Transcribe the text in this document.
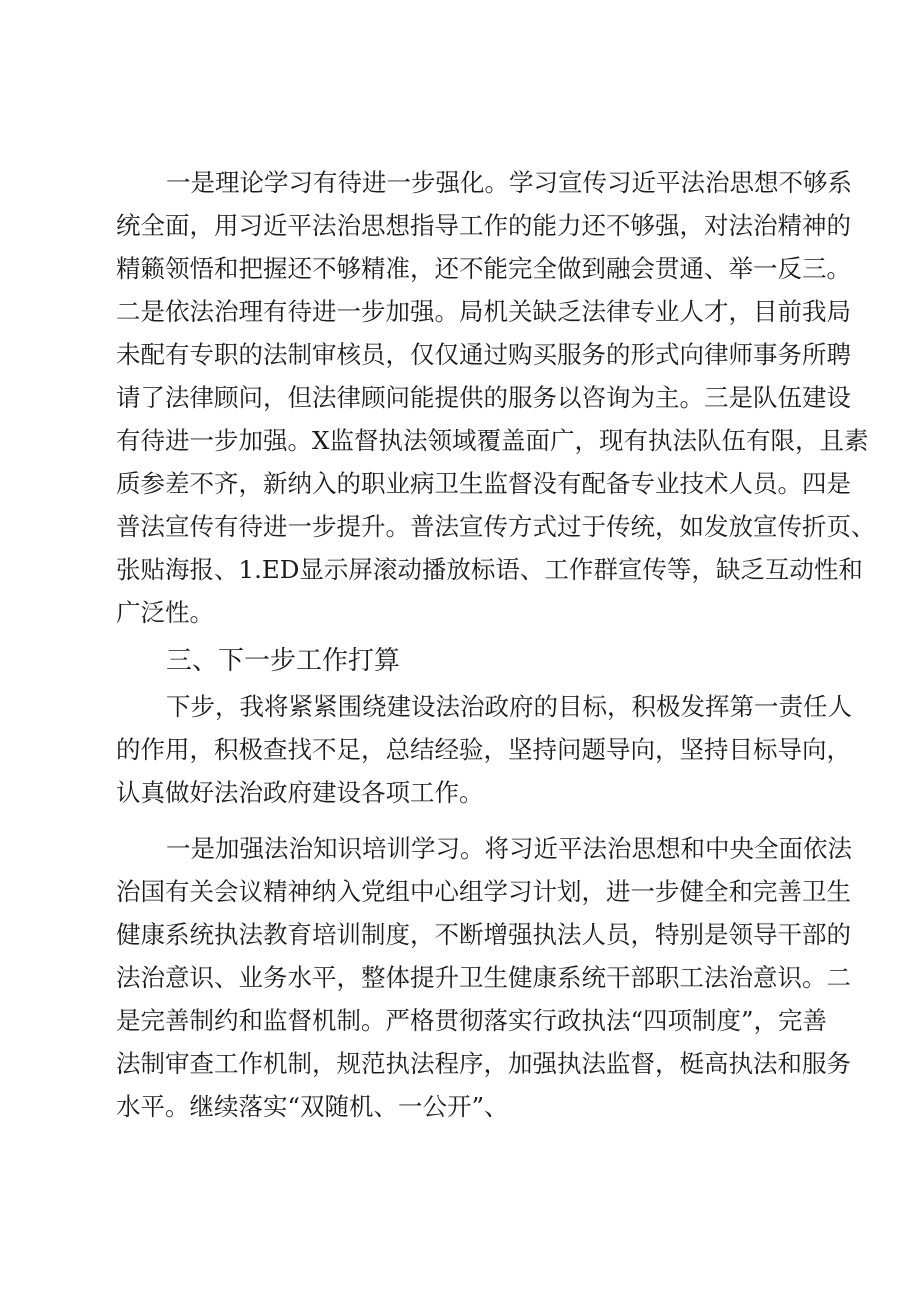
一是理论学习有待进一步强化。学习宣传习近平法治思想不够系
统全面，用习近平法治思想指导工作的能力还不够强，对法治精神的
精籁领悟和把握还不够精准，还不能完全做到融会贯通、举一反三。
二是依法治理有待进一步加强。局机关缺乏法律专业人才，目前我局
未配有专职的法制审核员，仅仅通过购买服务的形式向律师事务所聘
请了法律顾问，但法律顾问能提供的服务以咨询为主。三是队伍建设
有待进一步加强。X监督执法领域覆盖面广，现有执法队伍有限，且素
质参差不齐，新纳入的职业病卫生监督没有配备专业技术人员。四是
普法宣传有待进一步提升。普法宣传方式过于传统，如发放宣传折页、
张贴海报、1.ED显示屏滚动播放标语、工作群宣传等，缺乏互动性和
广泛性。
三、下一步工作打算
下步，我将紧紧围绕建设法治政府的目标，积极发挥第一责任人
的作用，积极查找不足，总结经验，坚持问题导向，坚持目标导向，
认真做好法治政府建设各项工作。
一是加强法治知识培训学习。将习近平法治思想和中央全面依法
治国有关会议精神纳入党组中心组学习计划，进一步健全和完善卫生
健康系统执法教育培训制度，不断增强执法人员，特别是领导干部的
法治意识、业务水平，整体提升卫生健康系统干部职工法治意识。二
是完善制约和监督机制。严格贯彻落实行政执法“四项制度”，完善
法制审查工作机制，规范执法程序，加强执法监督，梃高执法和服务
水平。继续落实“双随机、一公开”、
